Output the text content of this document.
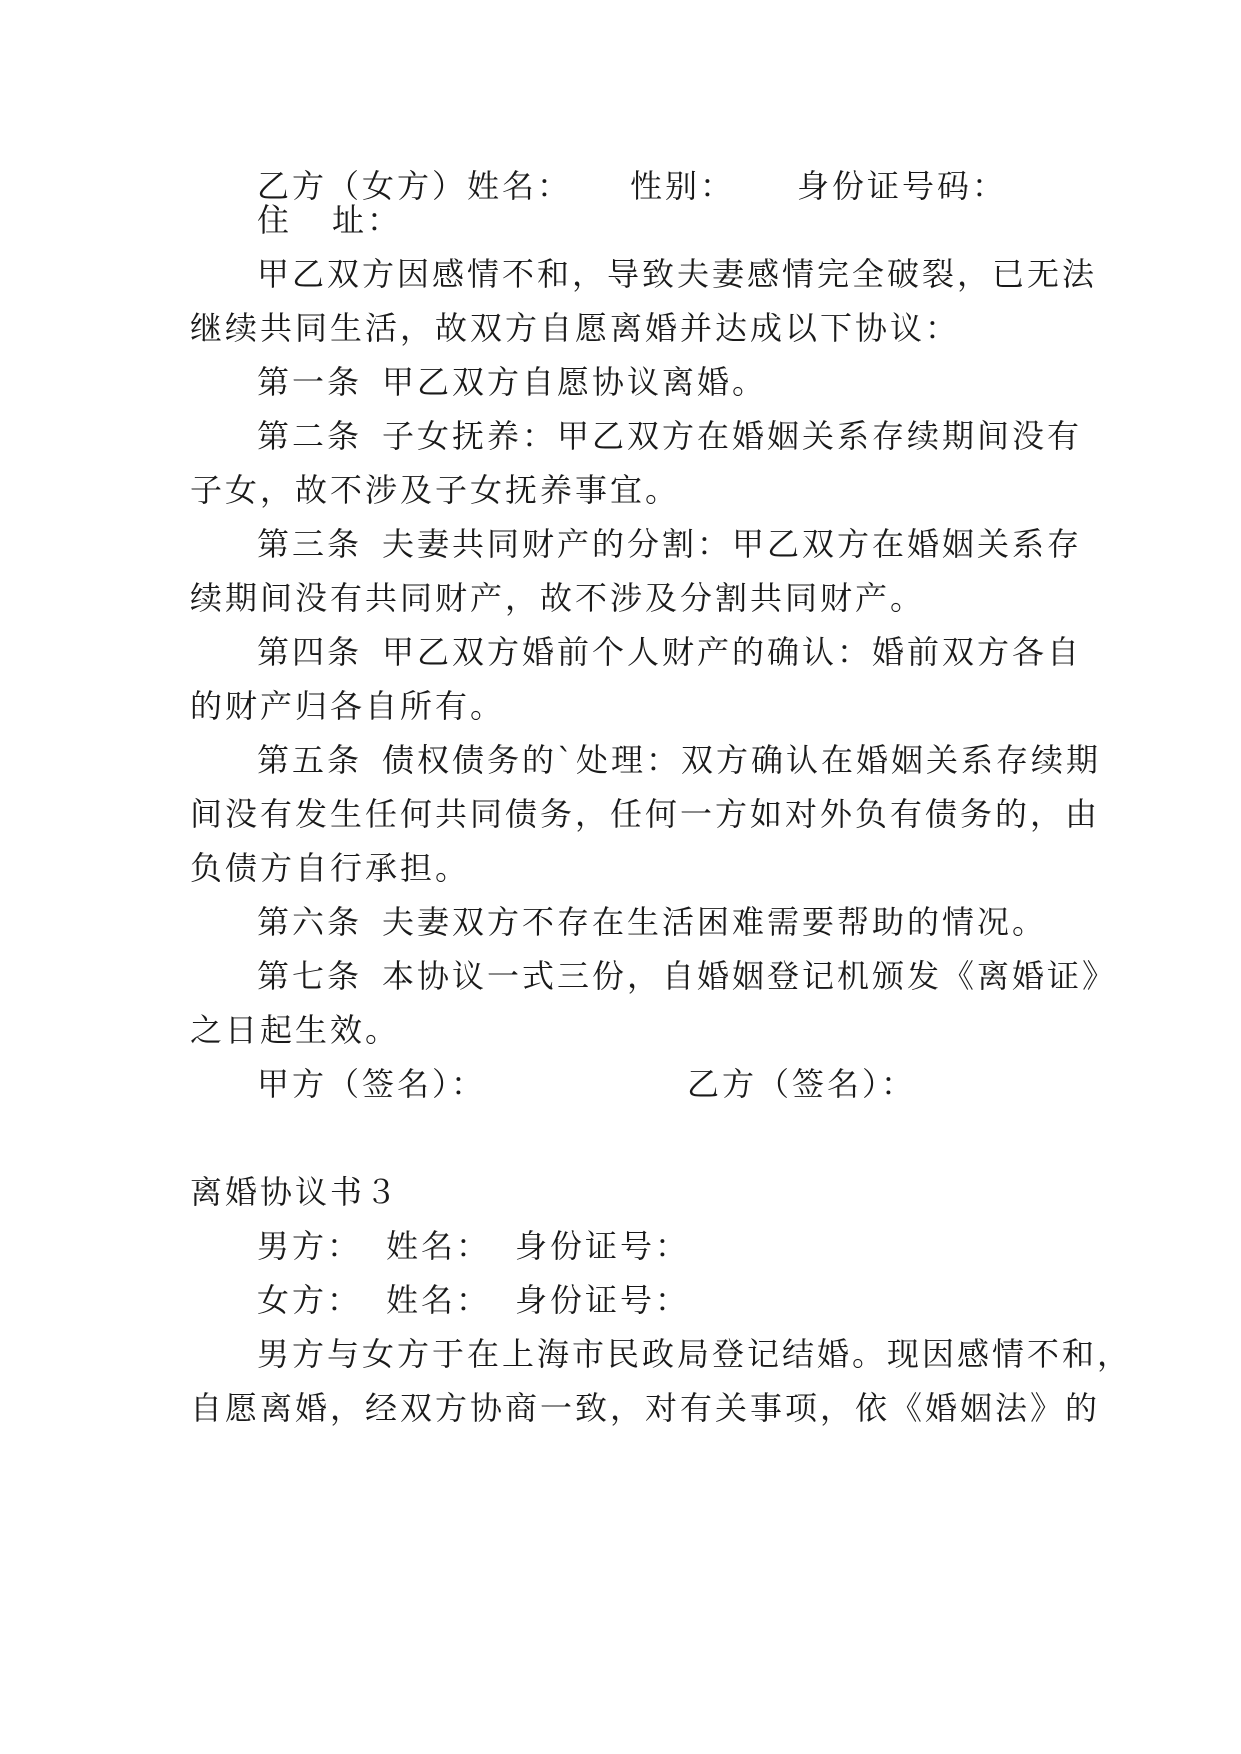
乙方（女方）姓名： 性别： 身份证号码：
住 址：
甲乙双方因感情不和，导致夫妻感情完全破裂，已无法
继续共同生活，故双方自愿离婚并达成以下协议：
第一条 甲乙双方自愿协议离婚。
第二条 子女抚养：甲乙双方在婚姻关系存续期间没有
子女，故不涉及子女抚养事宜。
第三条 夫妻共同财产的分割：甲乙双方在婚姻关系存
续期间没有共同财产，故不涉及分割共同财产。
第四条 甲乙双方婚前个人财产的确认：婚前双方各自
的财产归各自所有。
第五条 债权债务的`处理：双方确认在婚姻关系存续期
间没有发生任何共同债务，任何一方如对外负有债务的，由
负债方自行承担。
第六条 夫妻双方不存在生活困难需要帮助的情况。
第七条 本协议一式三份，自婚姻登记机颁发《离婚证》
之日起生效。
甲方（签名）：	乙方（签名）：
离婚协议书３
男方： 姓名： 身份证号：
女方： 姓名： 身份证号：
男方与女方于在上海市民政局登记结婚。现因感情不和，
自愿离婚，经双方协商一致，对有关事项，依《婚姻法》的
